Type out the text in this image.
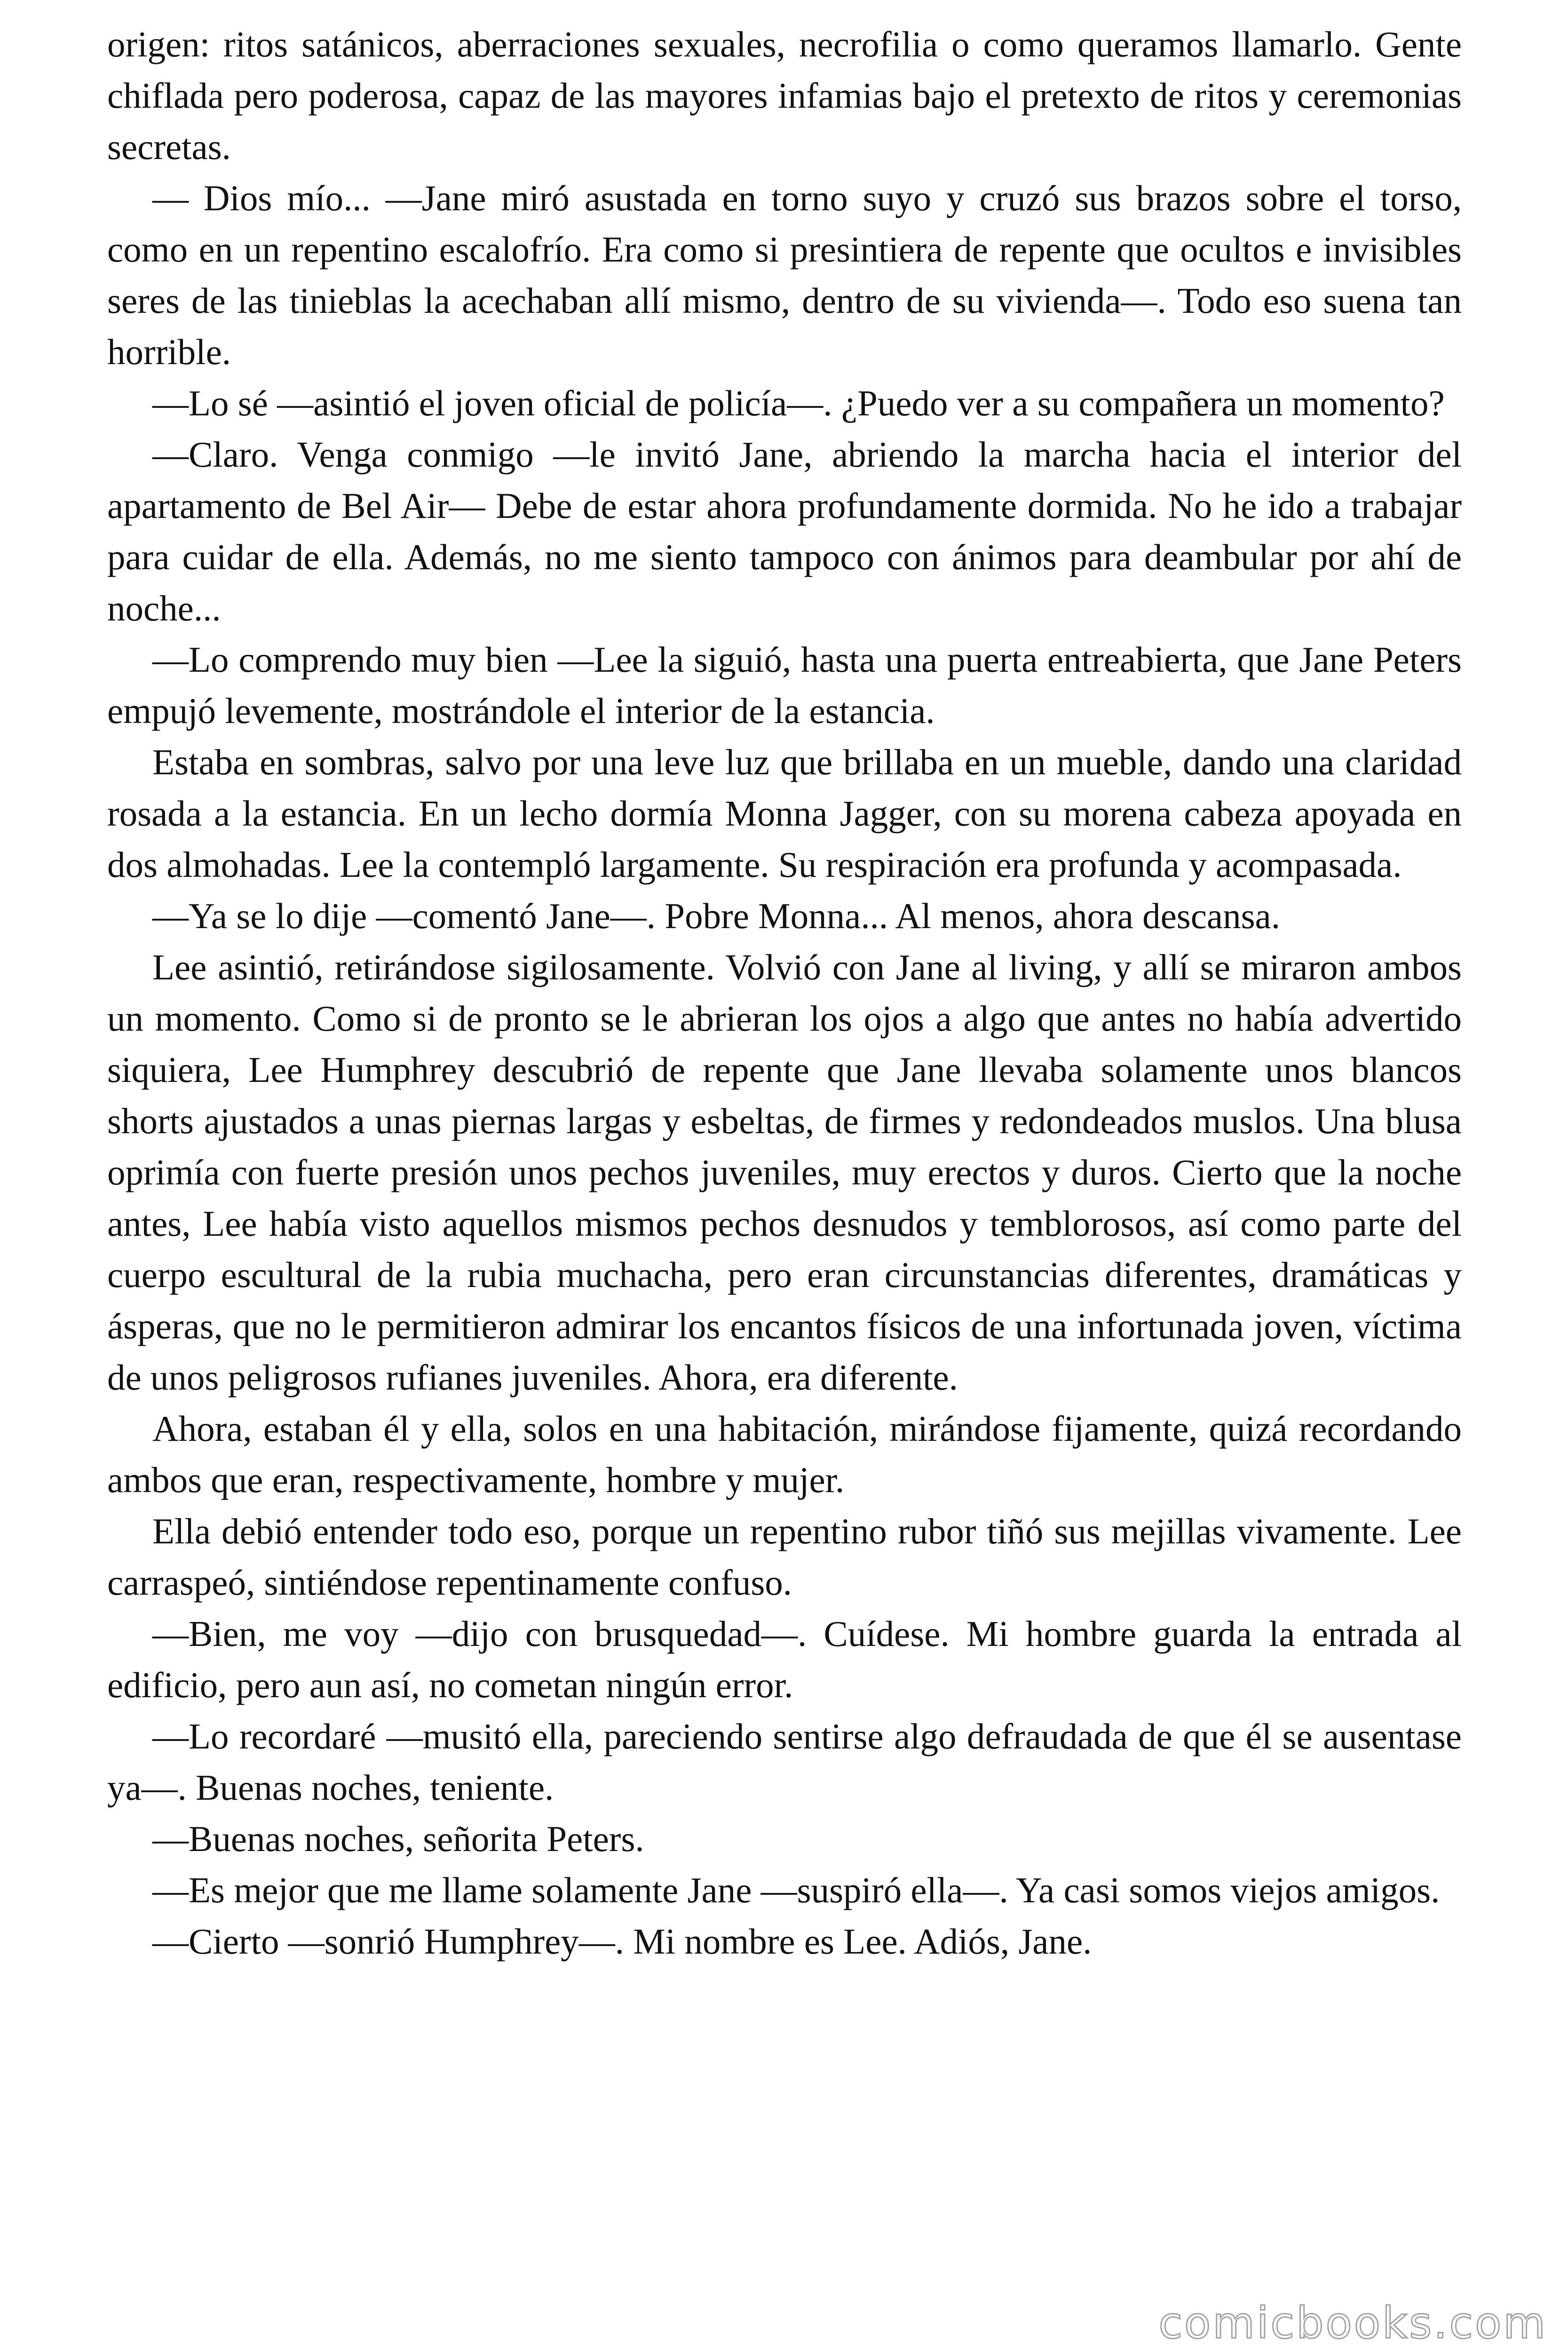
origen: ritos satánicos, aberraciones sexuales, necrofilia o como queramos llamarlo. Gente chiflada pero poderosa, capaz de las mayores infamias bajo el pretexto de ritos y ceremonias secretas.

— Dios mío... —Jane miró asustada en torno suyo y cruzó sus brazos sobre el torso, como en un repentino escalofrío. Era como si presintiera de repente que ocultos e invisibles seres de las tinieblas la acechaban allí mismo, dentro de su vivienda—. Todo eso suena tan horrible.

—Lo sé —asintió el joven oficial de policía—. ¿Puedo ver a su compañera un momento?

—Claro. Venga conmigo —le invitó Jane, abriendo la marcha hacia el interior del apartamento de Bel Air— Debe de estar ahora profundamente dormida. No he ido a trabajar para cuidar de ella. Además, no me siento tampoco con ánimos para deambular por ahí de noche...

—Lo comprendo muy bien —Lee la siguió, hasta una puerta entreabierta, que Jane Peters empujó levemente, mostrándole el interior de la estancia.

Estaba en sombras, salvo por una leve luz que brillaba en un mueble, dando una claridad rosada a la estancia. En un lecho dormía Monna Jagger, con su morena cabeza apoyada en dos almohadas. Lee la contempló largamente. Su respiración era profunda y acompasada.

—Ya se lo dije —comentó Jane—. Pobre Monna... Al menos, ahora descansa.

Lee asintió, retirándose sigilosamente. Volvió con Jane al living, y allí se miraron ambos un momento. Como si de pronto se le abrieran los ojos a algo que antes no había advertido siquiera, Lee Humphrey descubrió de repente que Jane llevaba solamente unos blancos shorts ajustados a unas piernas largas y esbeltas, de firmes y redondeados muslos. Una blusa oprimía con fuerte presión unos pechos juveniles, muy erectos y duros. Cierto que la noche antes, Lee había visto aquellos mismos pechos desnudos y temblorosos, así como parte del cuerpo escultural de la rubia muchacha, pero eran circunstancias diferentes, dramáticas y ásperas, que no le permitieron admirar los encantos físicos de una infortunada joven, víctima de unos peligrosos rufianes juveniles. Ahora, era diferente.

Ahora, estaban él y ella, solos en una habitación, mirándose fijamente, quizá recordando ambos que eran, respectivamente, hombre y mujer.

Ella debió entender todo eso, porque un repentino rubor tiñó sus mejillas vivamente. Lee carraspeó, sintiéndose repentinamente confuso.

—Bien, me voy —dijo con brusquedad—. Cuídese. Mi hombre guarda la entrada al edificio, pero aun así, no cometan ningún error.

—Lo recordaré —musitó ella, pareciendo sentirse algo defraudada de que él se ausentase ya—. Buenas noches, teniente.

—Buenas noches, señorita Peters.

—Es mejor que me llame solamente Jane —suspiró ella—. Ya casi somos viejos amigos.

—Cierto —sonrió Humphrey—. Mi nombre es Lee. Adiós, Jane.

comicbooks.com
